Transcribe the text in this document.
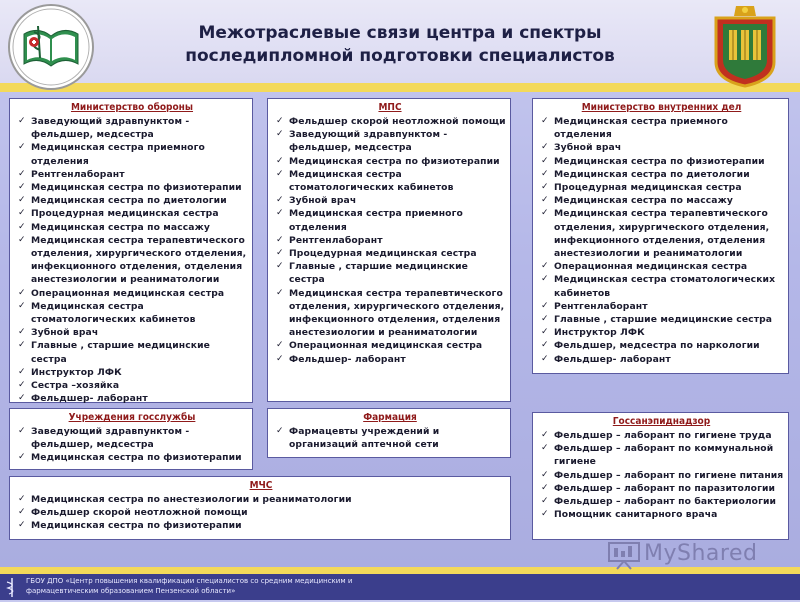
Межотраслевые связи центра и спектры
последипломной подготовки специалистов
Министерство обороны
✓ Заведующий здравпунктом - фельдшер, медсестра
✓ Медицинская сестра приемного отделения
✓ Рентгенлаборант
✓ Медицинская сестра по физиотерапии
✓ Медицинская сестра по диетологии
✓ Процедурная медицинская сестра
✓ Медицинская сестра по массажу
✓ Медицинская сестра терапевтического отделения, хирургического отделения, инфекционного отделения, отделения анестезиологии и реаниматологии
✓ Операционная медицинская сестра
✓ Медицинская сестра стоматологических кабинетов
✓ Зубной врач
✓ Главные , старшие медицинские сестра
✓ Инструктор ЛФК
✓ Сестра –хозяйка
✓ Фельдшер- лаборант
МПС
✓ Фельдшер скорой неотложной помощи
✓ Заведующий здравпунктом - фельдшер, медсестра
✓ Медицинская сестра по физиотерапии
✓ Медицинская сестра стоматологических кабинетов
✓ Зубной врач
✓ Медицинская сестра приемного отделения
✓ Рентгенлаборант
✓ Процедурная медицинская сестра
✓ Главные , старшие медицинские сестра
✓ Медицинская сестра терапевтического отделения, хирургического отделения, инфекционного отделения, отделения анестезиологии и реаниматологии
✓ Операционная медицинская сестра
✓ Фельдшер- лаборант
Министерство внутренних дел
✓ Медицинская сестра приемного отделения
✓ Зубной врач
✓ Медицинская сестра по физиотерапии
✓ Медицинская сестра по диетологии
✓ Процедурная медицинская сестра
✓ Медицинская сестра по массажу
✓ Медицинская сестра терапевтического отделения, хирургического отделения, инфекционного отделения, отделения анестезиологии и реаниматологии
✓ Операционная медицинская сестра
✓ Медицинская сестра стоматологических кабинетов
✓ Рентгенлаборант
✓ Главные , старшие медицинские сестра
✓ Инструктор ЛФК
✓ Фельдшер, медсестра по наркологии
✓ Фельдшер- лаборант
Учреждения госслужбы
✓ Заведующий здравпунктом - фельдшер, медсестра
✓ Медицинская сестра по физиотерапии
Фармация
✓ Фармацевты учреждений и организаций аптечной сети
Госсанэпиднадзор
✓ Фельдшер – лаборант по гигиене труда
✓ Фельдшер – лаборант по коммунальной гигиене
✓ Фельдшер – лаборант по гигиене питания
✓ Фельдшер – лаборант по паразитологии
✓ Фельдшер – лаборант по бактериологии
✓ Помощник санитарного врача
МЧС
✓ Медицинская сестра по анестезиологии и реаниматологии
✓ Фельдшер скорой неотложной помощи
✓ Медицинская сестра по физиотерапии
ГБОУ ДПО «Центр повышения квалификации специалистов со средним медицинским и фармацевтическим образованием Пензенской области»
MyShared
